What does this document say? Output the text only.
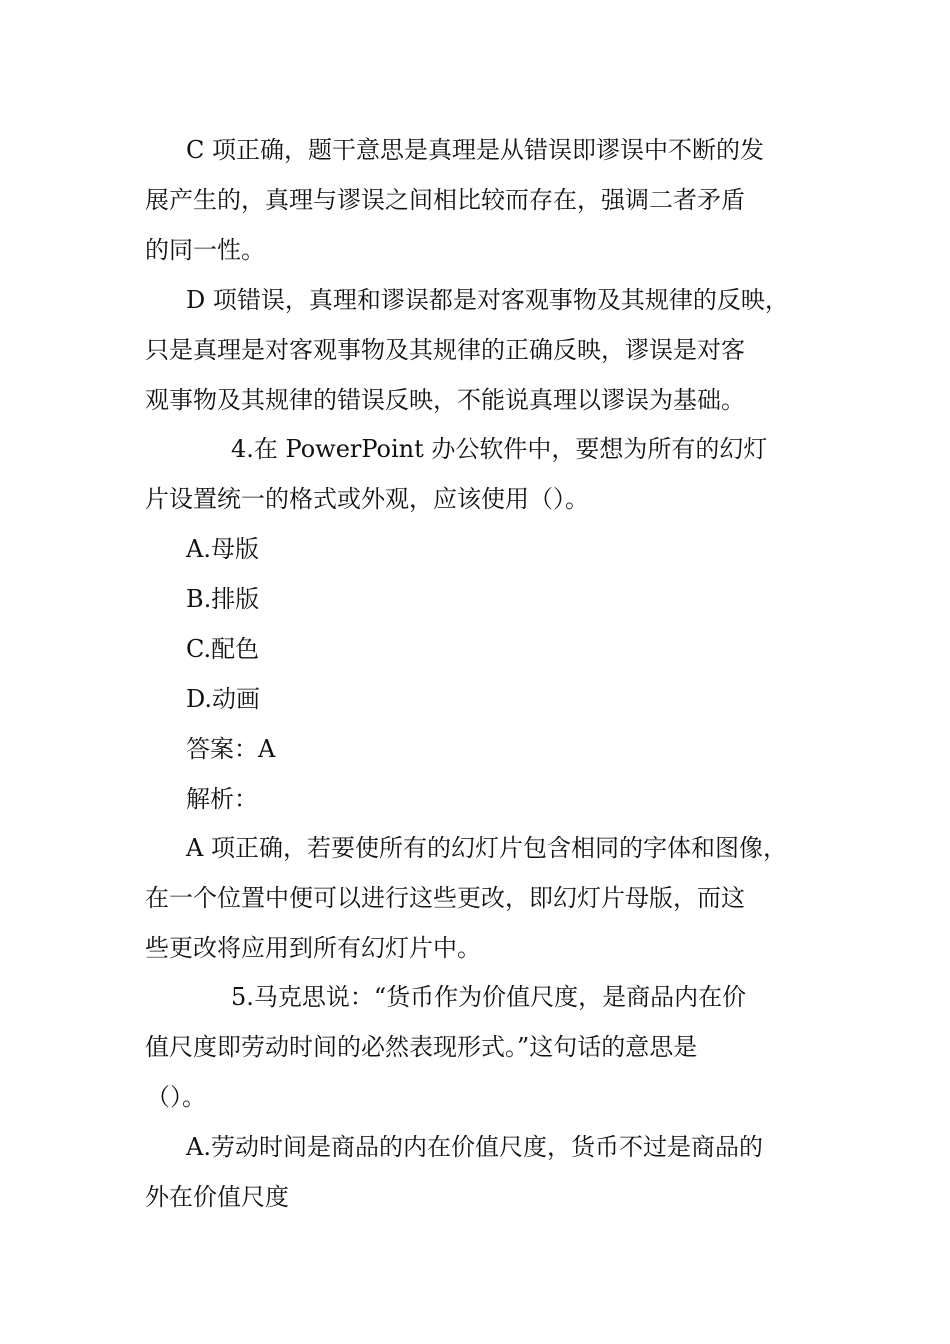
C 项正确，题干意思是真理是从错误即谬误中不断的发
展产生的，真理与谬误之间相比较而存在，强调二者矛盾
的同一性。
D 项错误，真理和谬误都是对客观事物及其规律的反映，
只是真理是对客观事物及其规律的正确反映，谬误是对客
观事物及其规律的错误反映，不能说真理以谬误为基础。
4.在 PowerPoint 办公软件中，要想为所有的幻灯
片设置统一的格式或外观，应该使用（）。
A.母版
B.排版
C.配色
D.动画
答案：A
解析：
A 项正确，若要使所有的幻灯片包含相同的字体和图像，
在一个位置中便可以进行这些更改，即幻灯片母版，而这
些更改将应用到所有幻灯片中。
5.马克思说：“货币作为价值尺度，是商品内在价
值尺度即劳动时间的必然表现形式。”这句话的意思是
（）。
A.劳动时间是商品的内在价值尺度，货币不过是商品的
外在价值尺度
